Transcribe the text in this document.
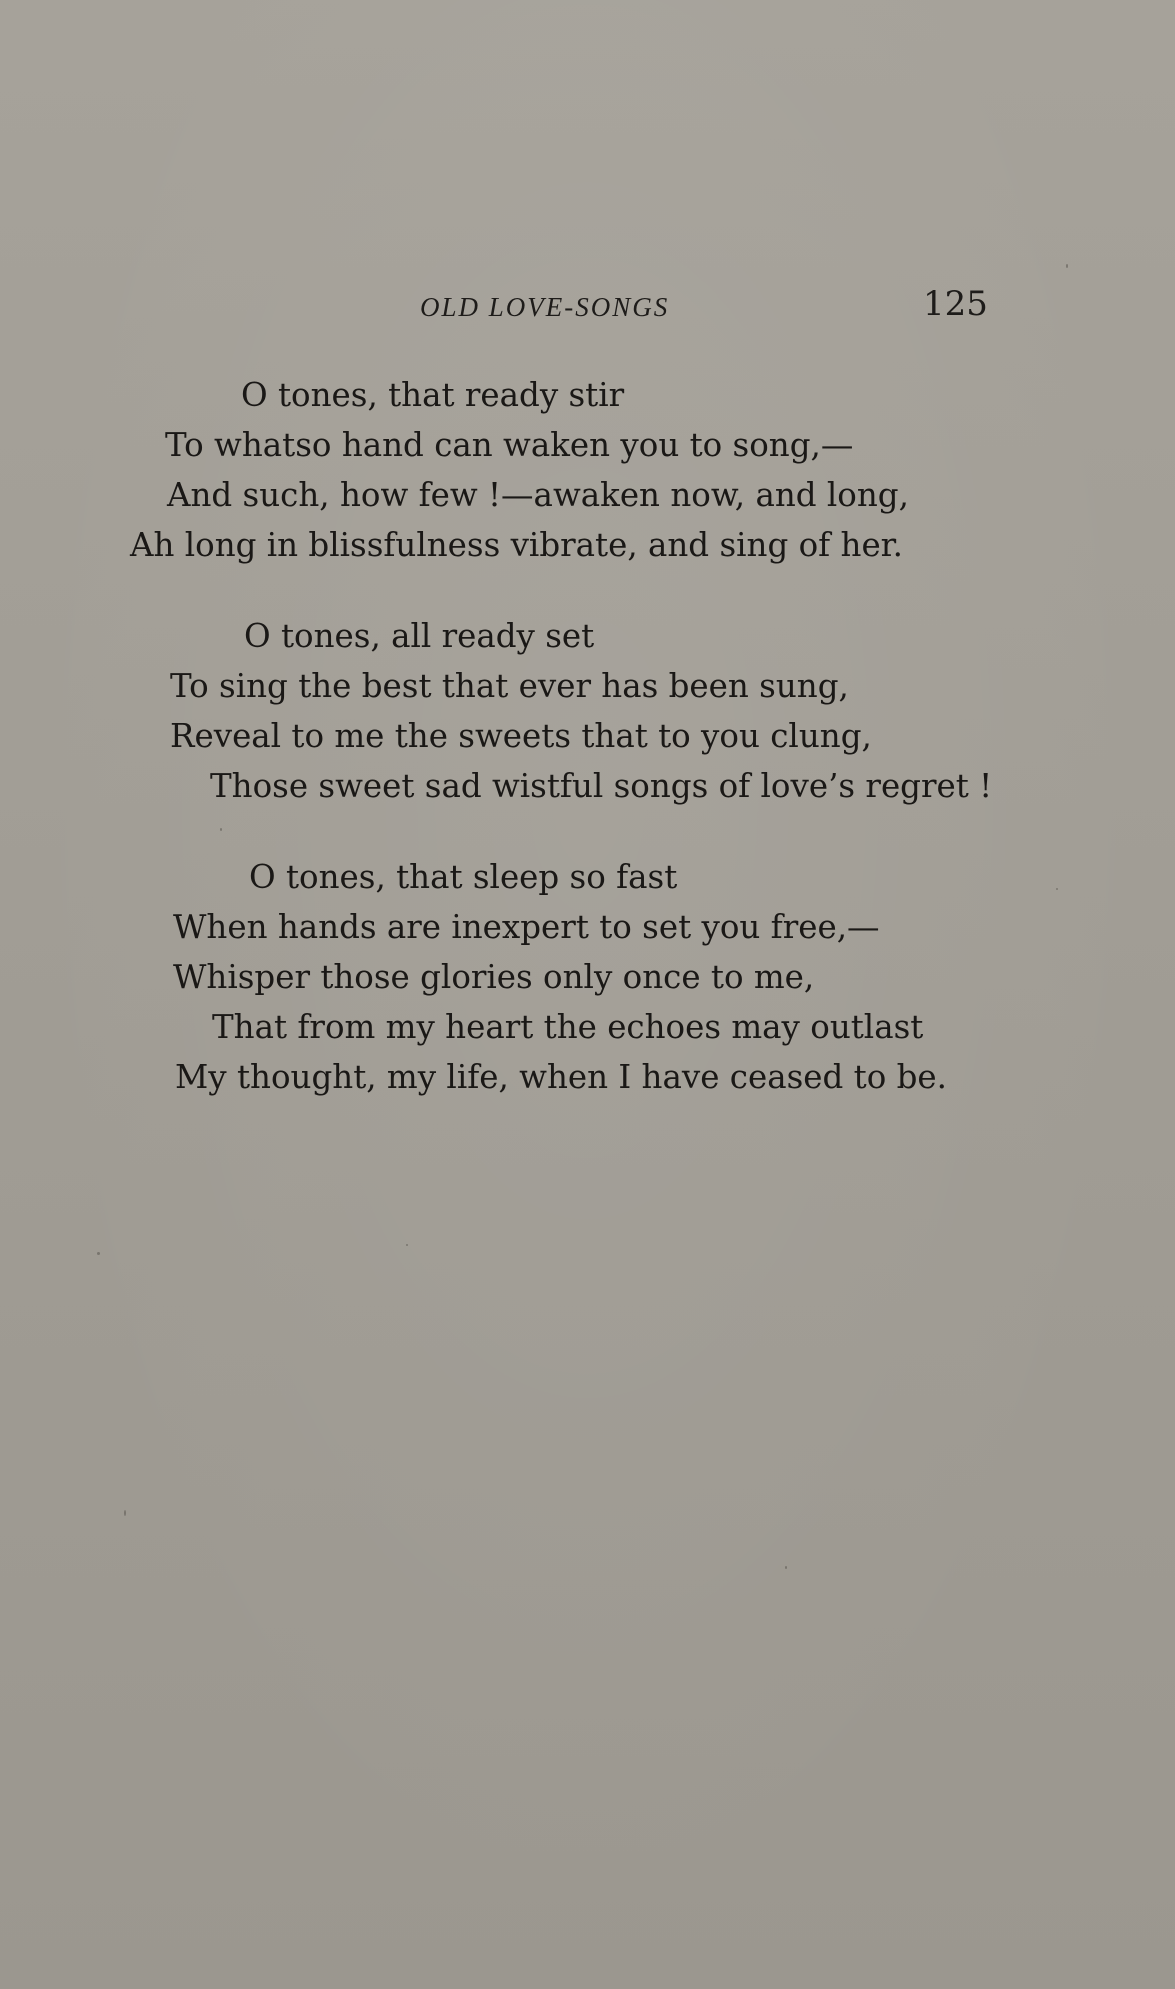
OLD LOVE-SONGS	125
O tones, that ready stir
To whatso hand can waken you to song,—
And such, how few !—awaken now, and long,
Ah long in blissfulness vibrate, and sing of her.
O tones, all ready set
To sing the best that ever has been sung,
Reveal to me the sweets that to you clung,
Those sweet sad wistful songs of love’s regret !
O tones, that sleep so fast
When hands are inexpert to set you free,—
Whisper those glories only once to me,
That from my heart the echoes may outlast
My thought, my life, when I have ceased to be.
